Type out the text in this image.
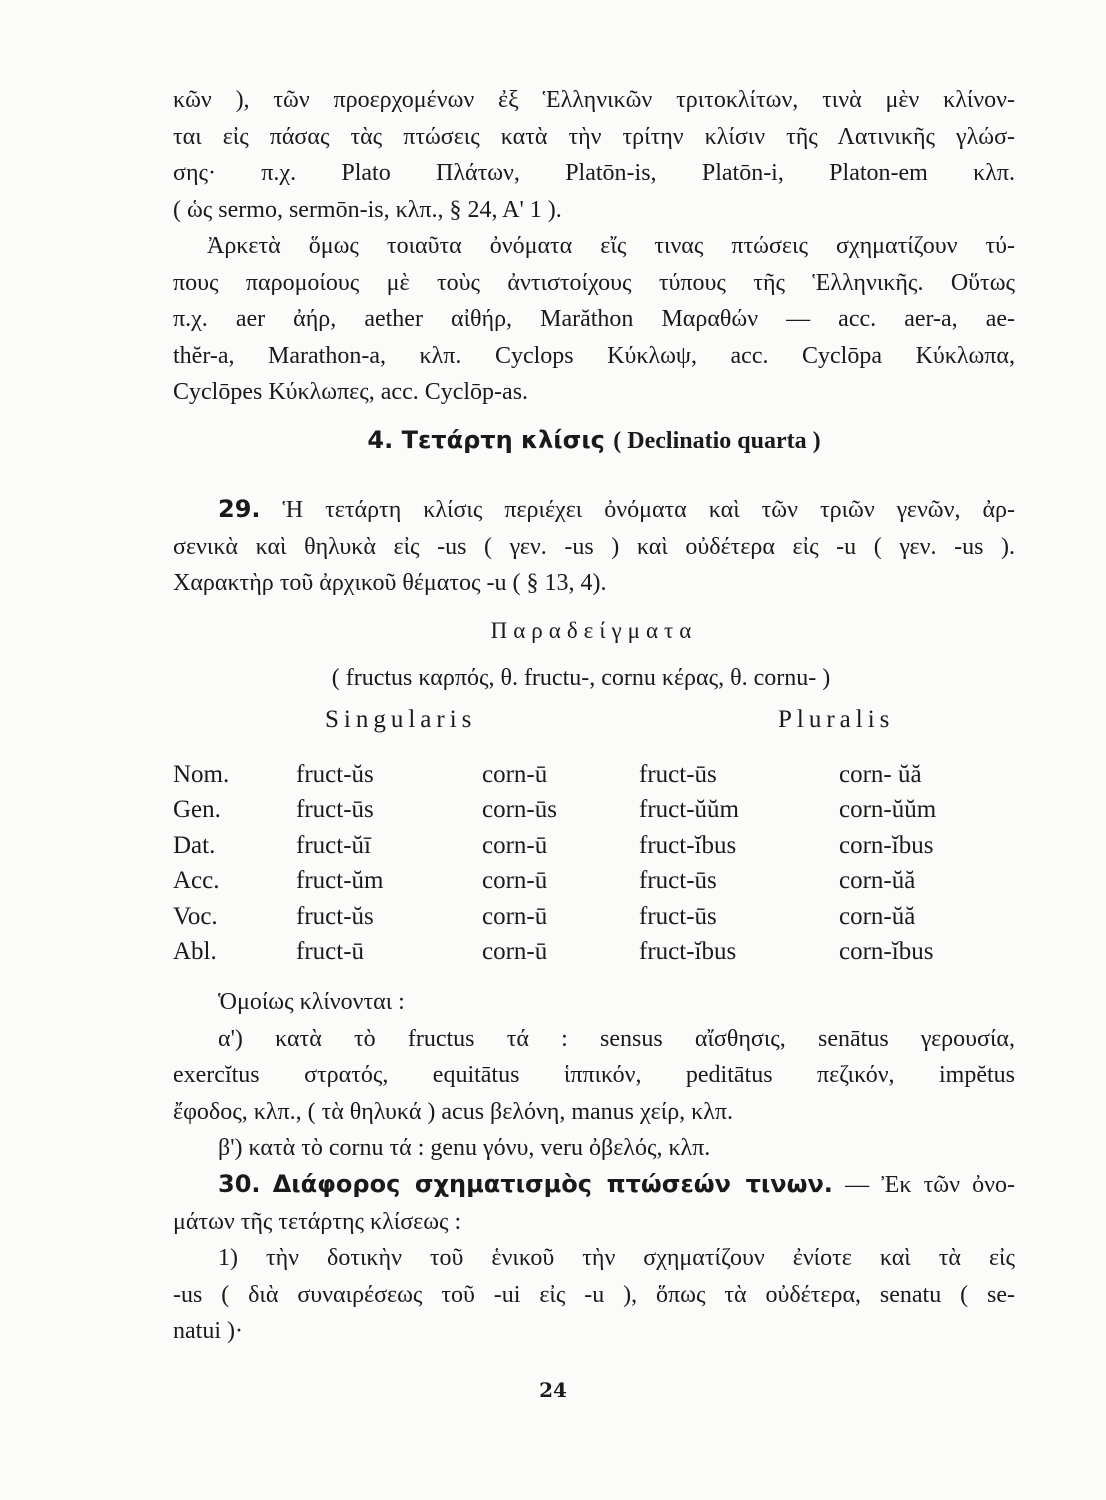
κῶν ), τῶν προερχομένων ἐξ Ἑλληνικῶν τριτοκλίτων, τινὰ μὲν κλίνον-
ται εἰς πάσας τὰς πτώσεις κατὰ τὴν τρίτην κλίσιν τῆς Λατινικῆς γλώσ-
σης· π.χ. Plato Πλάτων, Platōn-is, Platōn-i, Platon-em κλπ.
( ὡς sermo, sermōn-is, κλπ., § 24, Α' 1 ).
Ἀρκετὰ ὅμως τοιαῦτα ὀνόματα εἴς τινας πτώσεις σχηματίζουν τύ-
πους παρομοίους μὲ τοὺς ἀντιστοίχους τύπους τῆς Ἑλληνικῆς. Οὕτως
π.χ. aer ἀήρ, aether αἰθήρ, Marăthon Μαραθών — acc. aer-a, ae-
thĕr-a, Marathon-a, κλπ. Cyclops Κύκλωψ, acc. Cyclōpa Κύκλωπα,
Cyclōpes Κύκλωπες, acc. Cyclōp-as.
4. Τετάρτη κλίσις ( Declinatio quarta )
29. Ἡ τετάρτη κλίσις περιέχει ὀνόματα καὶ τῶν τριῶν γενῶν, ἀρ-
σενικὰ καὶ θηλυκὰ εἰς -us ( γεν. -us ) καὶ οὐδέτερα εἰς -u ( γεν. -us ).
Χαρακτὴρ τοῦ ἀρχικοῦ θέματος -u ( § 13, 4).
Παραδείγματα
( fructus καρπός, θ. fructu-, cornu κέρας, θ. cornu- )
Singularis	Pluralis
Nom.	fruct-ŭs	corn-ū	fruct-ūs	corn- ŭă
Gen.	fruct-ūs	corn-ūs	fruct-ŭŭm	corn-ŭŭm
Dat.	fruct-ŭī	corn-ū	fruct-ĭbus	corn-ĭbus
Acc.	fruct-ŭm	corn-ū	fruct-ūs	corn-ŭă
Voc.	fruct-ŭs	corn-ū	fruct-ūs	corn-ŭă
Abl.	fruct-ū	corn-ū	fruct-ĭbus	corn-ĭbus
Ὁμοίως κλίνονται :
α') κατὰ τὸ fructus τά : sensus αἴσθησις, senātus γερουσία,
exercĭtus στρατός, equitātus ἱππικόν, peditātus πεζικόν, impĕtus
ἔφοδος, κλπ., ( τὰ θηλυκά ) acus βελόνη, manus χείρ, κλπ.
β') κατὰ τὸ cornu τά : genu γόνυ, veru ὀβελός, κλπ.
30. Διάφορος σχηματισμὸς πτώσεών τινων. — Ἐκ τῶν ὀνο-
μάτων τῆς τετάρτης κλίσεως :
1) τὴν δοτικὴν τοῦ ἑνικοῦ τὴν σχηματίζουν ἐνίοτε καὶ τὰ εἰς
-us ( διὰ συναιρέσεως τοῦ -ui εἰς -u ), ὅπως τὰ οὐδέτερα, senatu ( se-
natui )·
24
